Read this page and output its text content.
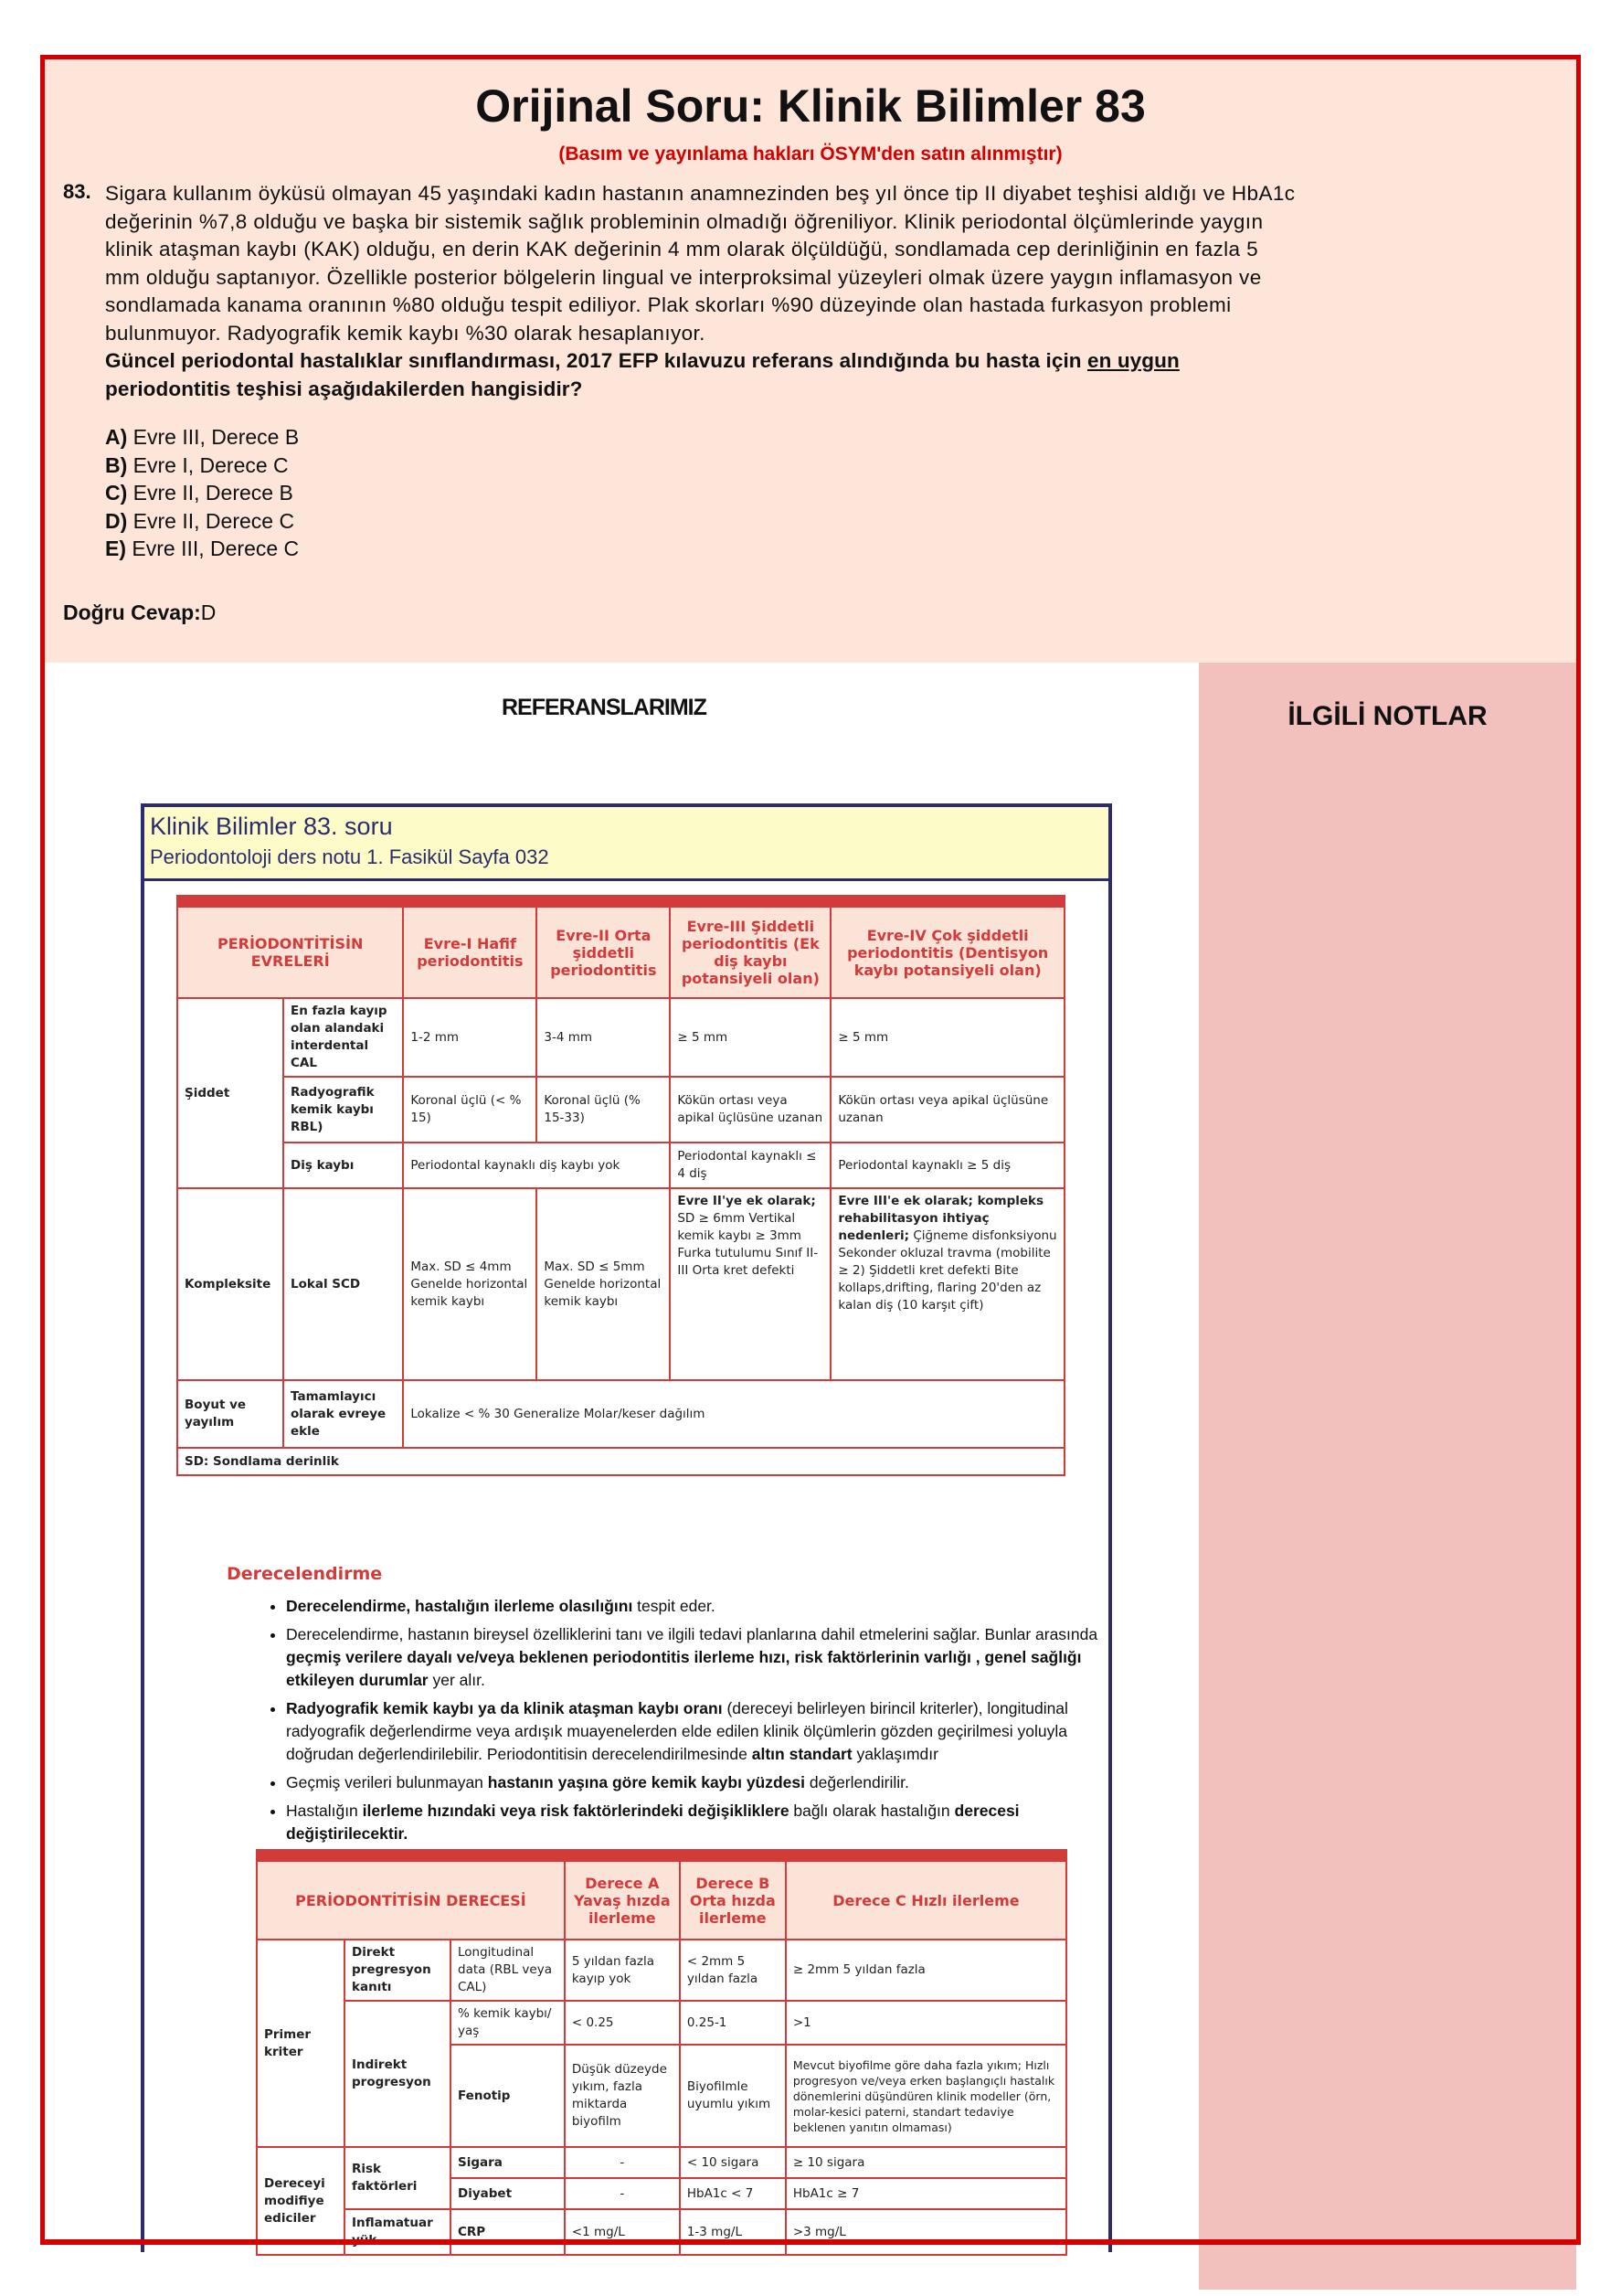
Orijinal Soru: Klinik Bilimler 83
(Basım ve yayınlama hakları ÖSYM'den satın alınmıştır)
83. Sigara kullanım öyküsü olmayan 45 yaşındaki kadın hastanın anamnezinden beş yıl önce tip II diyabet teşhisi aldığı ve HbA1c

değerinin %7,8 olduğu ve başka bir sistemik sağlık probleminin olmadığı öğreniliyor. Klinik periodontal ölçümlerinde yaygın

klinik ataşman kaybı (KAK) olduğu, en derin KAK değerinin 4 mm olarak ölçüldüğü, sondlamada cep derinliğinin en fazla 5

mm olduğu saptanıyor. Özellikle posterior bölgelerin lingual ve interproksimal yüzeyleri olmak üzere yaygın inflamasyon ve

sondlamada kanama oranının %80 olduğu tespit ediliyor. Plak skorları %90 düzeyinde olan hastada furkasyon problemi

bulunmuyor. Radyografik kemik kaybı %30 olarak hesaplanıyor.

Güncel periodontal hastalıklar sınıflandırması, 2017 EFP kılavuzu referans alındığında bu hasta için en uygun

periodontitis teşhisi aşağıdakilerden hangisidir?

A) Evre III, Derece B
B) Evre I, Derece C
C) Evre II, Derece B
D) Evre II, Derece C
E) Evre III, Derece C
Doğru Cevap:D
REFERANSLARIMIZ	İLGİLİ NOTLAR
Klinik Bilimler 83. soru
Periodontoloji ders notu 1. Fasikül Sayfa 032
PERİODONTİTİSİN EVRELERİ		Evre-I Hafif periodontitis	Evre-II Orta şiddetli periodontitis	Evre-III Şiddetli periodontitis (Ek diş kaybı potansiyeli olan)	Evre-IV Çok şiddetli periodontitis (Dentisyon kaybı potansiyeli olan)
Şiddet	En fazla kayıp olan alandaki interdental CAL	1-2 mm	3-4 mm	≥ 5 mm	≥ 5 mm
	Radyografik kemik kaybı RBL)	Koronal üçlü (< % 15)	Koronal üçlü (% 15-33)	Kökün ortası veya apikal üçlüsüne uzanan	Kökün ortası veya apikal üçlüsüne uzanan
	Diş kaybı	Periodontal kaynaklı diş kaybı yok		Periodontal kaynaklı ≤ 4 diş	Periodontal kaynaklı ≥ 5 diş
Kompleksite	Lokal SCD	Max. SD ≤ 4mm Genelde horizontal kemik kaybı	Max. SD ≤ 5mm Genelde horizontal kemik kaybı	Evre II'ye ek olarak; SD ≥ 6mm Vertikal kemik kaybı ≥ 3mm Furka tutulumu Sınıf II-III Orta kret defekti	Evre III'e ek olarak; kompleks rehabilitasyon ihtiyaç nedenleri; Çiğneme disfonksiyonu Sekonder okluzal travma (mobilite ≥ 2) Şiddetli kret defekti Bite kollaps,drifting, flaring 20'den az kalan diş (10 karşıt çift)
Boyut ve yayılım	Tamamlayıcı olarak evreye ekle	Lokalize < % 30 Generalize Molar/keser dağılım			
SD: Sondlama derinlik					
Derecelendirme
• Derecelendirme, hastalığın ilerleme olasılığını tespit eder.
• Derecelendirme, hastanın bireysel özelliklerini tanı ve ilgili tedavi planlarına dahil etmelerini sağlar. Bunlar arasında geçmiş verilere dayalı ve/veya beklenen periodontitis ilerleme hızı, risk faktörlerinin varlığı , genel sağlığı etkileyen durumlar yer alır.
• Radyografik kemik kaybı ya da klinik ataşman kaybı oranı (dereceyi belirleyen birincil kriterler), longitudinal radyografik değerlendirme veya ardışık muayenelerden elde edilen klinik ölçümlerin gözden geçirilmesi yoluyla doğrudan değerlendirilebilir. Periodontitisin derecelendirilmesinde altın standart yaklaşımdır
• Geçmiş verileri bulunmayan hastanın yaşına göre kemik kaybı yüzdesi değerlendirilir.
• Hastalığın ilerleme hızındaki veya risk faktörlerindeki değişikliklere bağlı olarak hastalığın derecesi değiştirilecektir.
PERİODONTİTİSİN DERECESİ			Derece A Yavaş hızda ilerleme	Derece B Orta hızda ilerleme	Derece C Hızlı ilerleme
Primer kriter	Direkt pregresyon kanıtı	Longitudinal data (RBL veya CAL)	5 yıldan fazla kayıp yok	< 2mm 5 yıldan fazla	≥ 2mm 5 yıldan fazla
	Indirekt progresyon	% kemik kaybı/ yaş	< 0.25	0.25-1	>1
		Fenotip	Düşük düzeyde yıkım, fazla miktarda biyofilm	Biyofilmle uyumlu yıkım	Mevcut biyofilme göre daha fazla yıkım; Hızlı progresyon ve/veya erken başlangıçlı hastalık dönemlerini düşündüren klinik modeller (örn, molar-kesici paterni, standart tedaviye beklenen yanıtın olmaması)
Dereceyi modifiye ediciler	Risk faktörleri	Sigara	-	< 10 sigara	≥ 10 sigara
		Diyabet	-	HbA1c < 7	HbA1c ≥ 7
	Inflamatuar	CRP	<1 mg/L	1-3 mg/L	>3 mg/L
